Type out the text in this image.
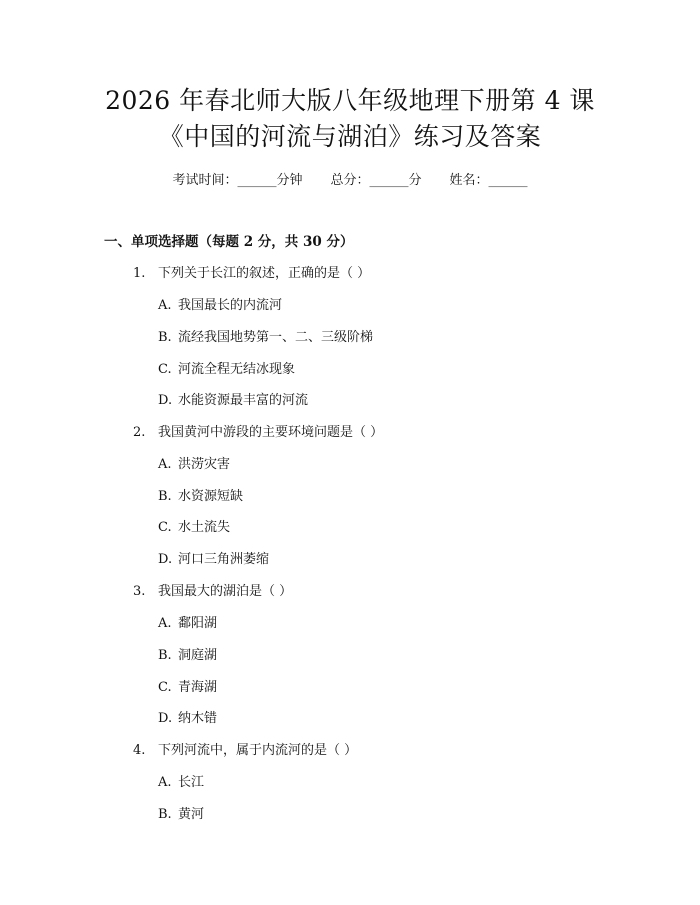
2026 年春北师大版八年级地理下册第 4 课
《中国的河流与湖泊》练习及答案
考试时间：______分钟 总分：______分 姓名：______
一、单项选择题（每题 2 分，共 30 分）
1. 下列关于长江的叙述，正确的是（ ）
A. 我国最长的内流河
B. 流经我国地势第一、二、三级阶梯
C. 河流全程无结冰现象
D. 水能资源最丰富的河流
2. 我国黄河中游段的主要环境问题是（ ）
A. 洪涝灾害
B. 水资源短缺
C. 水土流失
D. 河口三角洲萎缩
3. 我国最大的湖泊是（ ）
A. 鄱阳湖
B. 洞庭湖
C. 青海湖
D. 纳木错
4. 下列河流中，属于内流河的是（ ）
A. 长江
B. 黄河
